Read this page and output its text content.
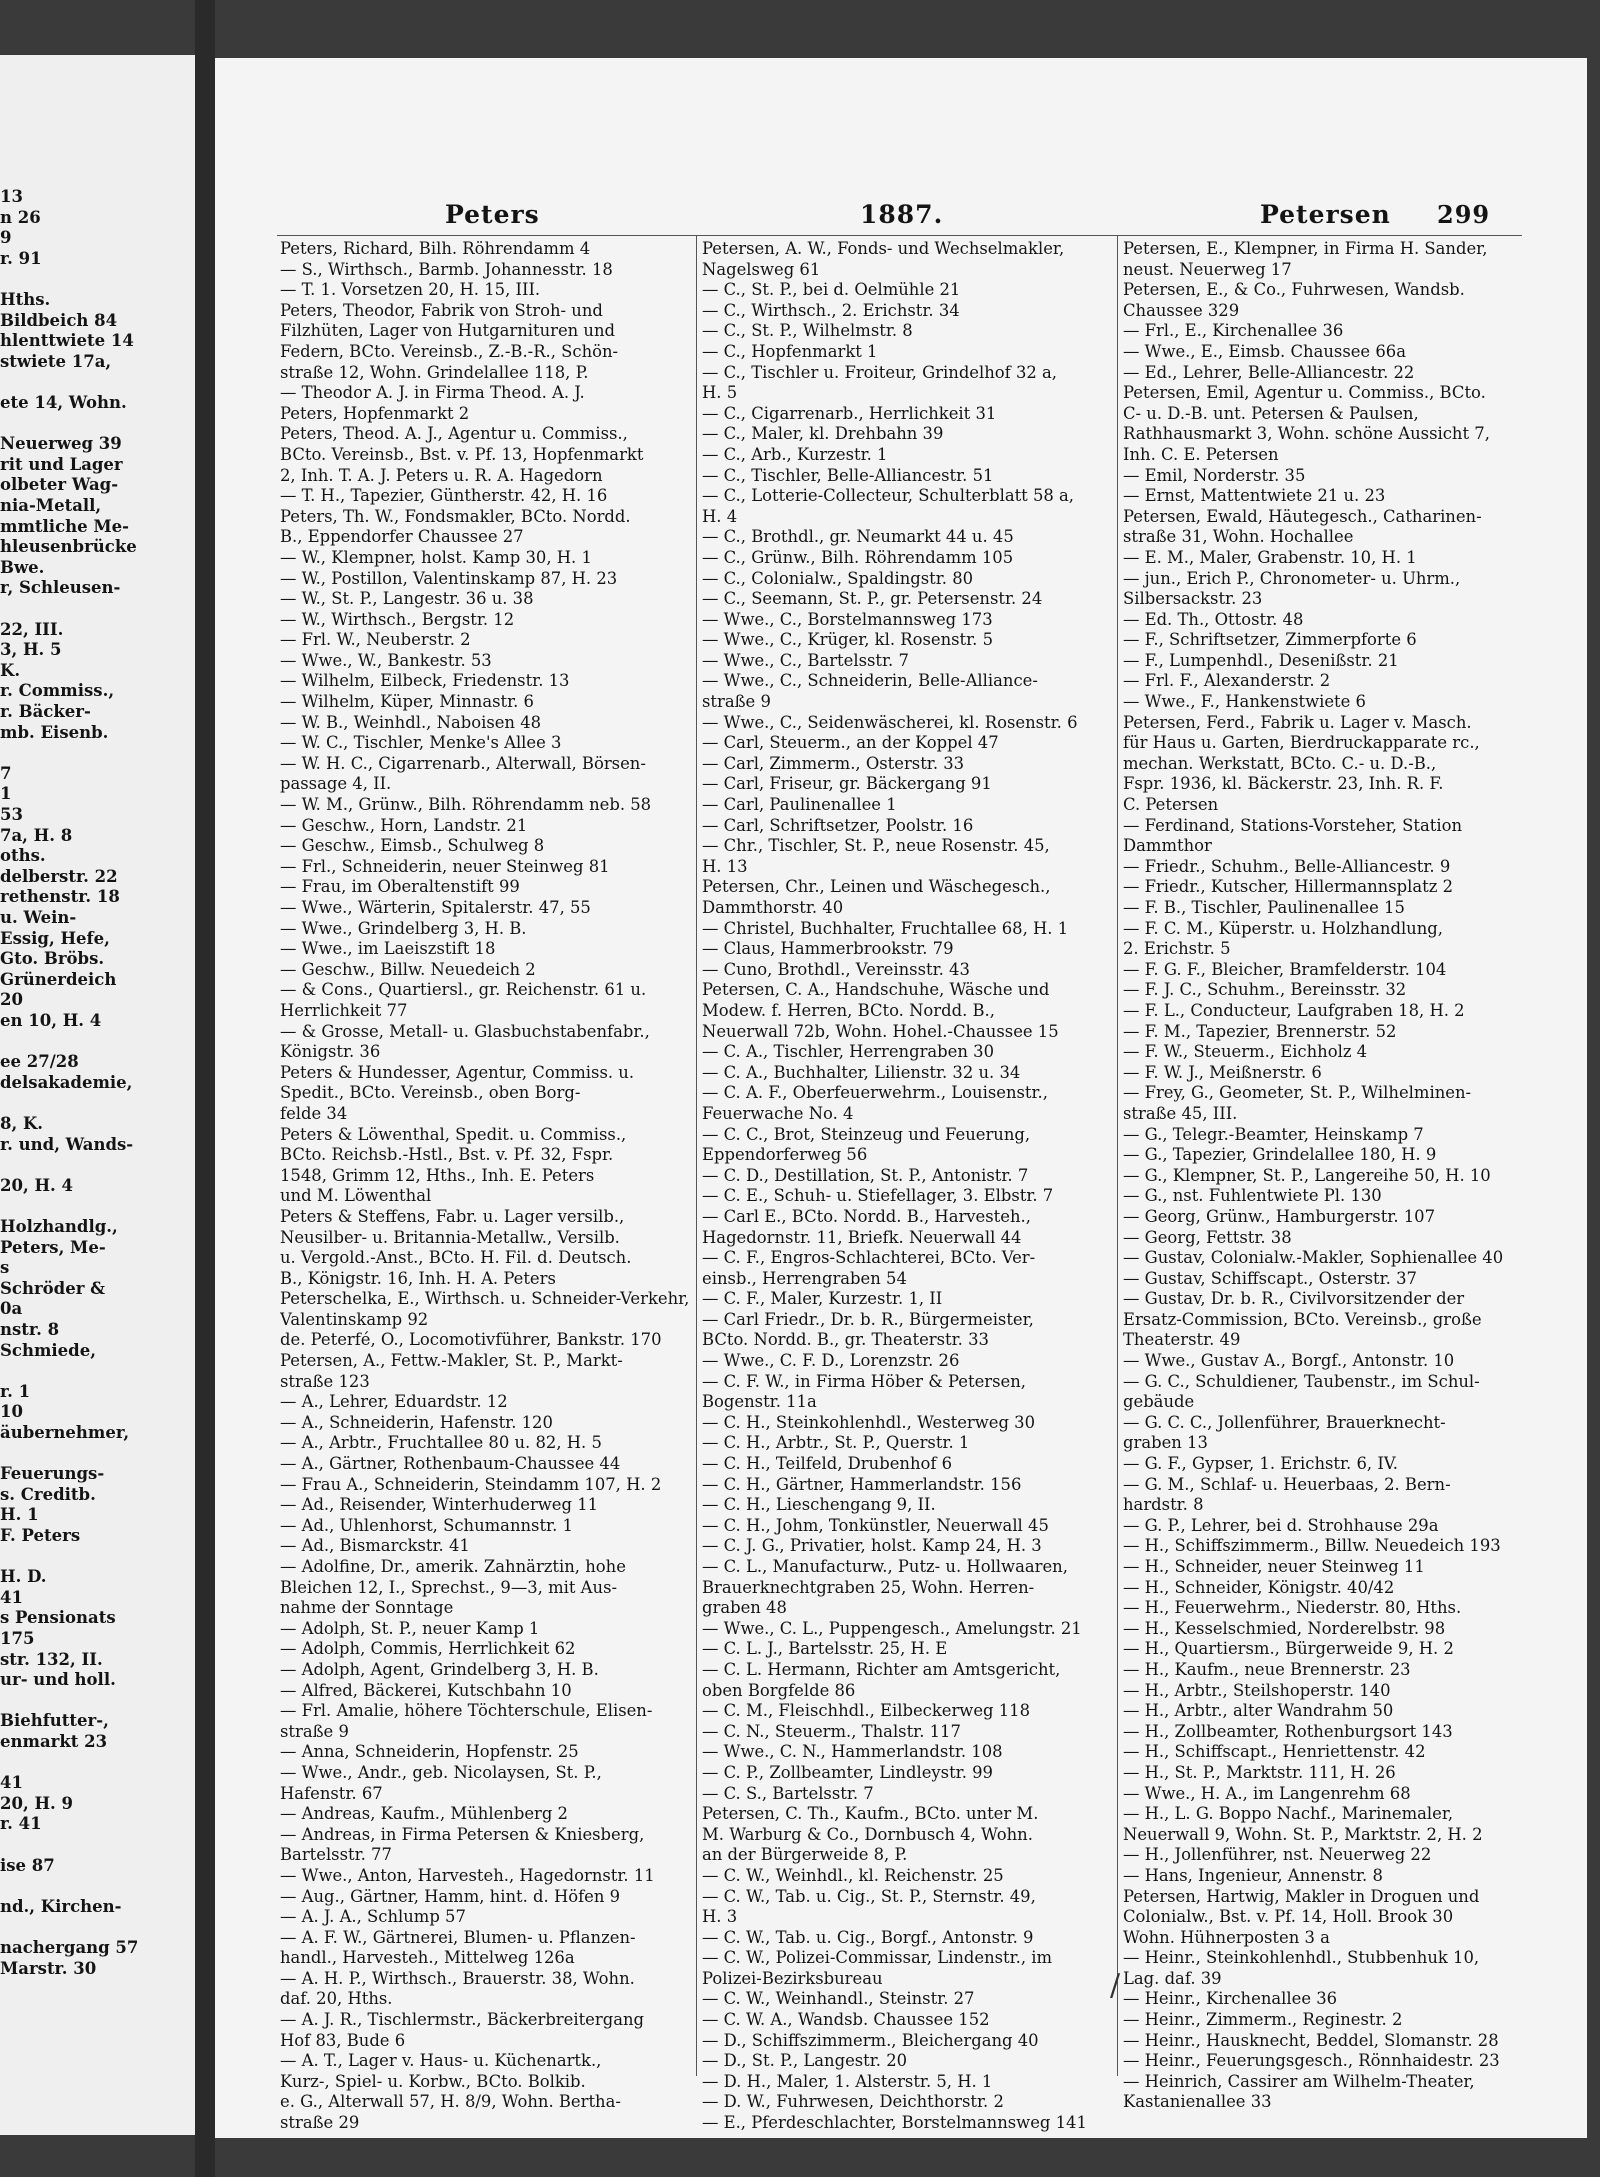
13
n 26
9
r. 91
Hths.
Bildbeich 84
hlenttwiete 14
stwiete 17a,
ete 14, Wohn.
Neuerweg 39
rit und Lager
olbeter Wag-
nia-Metall,
mmtliche Me-
hleusenbrücke
Bwe.
r, Schleusen-
22, III.
3, H. 5
K.
r. Commiss.,
r. Bäcker-
mb. Eisenb.
7
1
53
7a, H. 8
oths.
delberstr. 22
rethenstr. 18
u. Wein-
Essig, Hefe,
Gto. Bröbs.
Grünerdeich
20
en 10, H. 4
ee 27/28
delsakademie,
8, K.
r. und, Wands-
20, H. 4
Holzhandlg.,
Peters, Me-
s
Schröder &
0a
nstr. 8
Schmiede,
r. 1
10
äubernehmer,
Feuerungs-
s. Creditb.
H. 1
F. Peters
H. D.
41
s Pensionats
175
str. 132, II.
ur- und holl.
Biehfutter-,
enmarkt 23
41
20, H. 9
r. 41
ise 87
nd., Kirchen-
nachergang 57
Marstr. 30
Peters	1887.	Petersen 299
Peters, Richard, Bilh. Röhrendamm 4
— S., Wirthsch., Barmb. Johannesstr. 18
— T. 1. Vorsetzen 20, H. 15, III.
Peters, Theodor, Fabrik von Stroh- und
Filzhüten, Lager von Hutgarnituren und
Federn, BCto. Vereinsb., Z.-B.-R., Schön-
straße 12, Wohn. Grindelallee 118, P.
— Theodor A. J. in Firma Theod. A. J.
Peters, Hopfenmarkt 2
Peters, Theod. A. J., Agentur u. Commiss.,
BCto. Vereinsb., Bst. v. Pf. 13, Hopfenmarkt
2, Inh. T. A. J. Peters u. R. A. Hagedorn
— T. H., Tapezier, Güntherstr. 42, H. 16
Peters, Th. W., Fondsmakler, BCto. Nordd.
B., Eppendorfer Chaussee 27
— W., Klempner, holst. Kamp 30, H. 1
— W., Postillon, Valentinskamp 87, H. 23
— W., St. P., Langestr. 36 u. 38
— W., Wirthsch., Bergstr. 12
— Frl. W., Neuberstr. 2
— Wwe., W., Bankestr. 53
— Wilhelm, Eilbeck, Friedenstr. 13
— Wilhelm, Küper, Minnastr. 6
— W. B., Weinhdl., Naboisen 48
— W. C., Tischler, Menke's Allee 3
— W. H. C., Cigarrenarb., Alterwall, Börsen-
passage 4, II.
— W. M., Grünw., Bilh. Röhrendamm neb. 58
— Geschw., Horn, Landstr. 21
— Geschw., Eimsb., Schulweg 8
— Frl., Schneiderin, neuer Steinweg 81
— Frau, im Oberaltenstift 99
— Wwe., Wärterin, Spitalerstr. 47, 55
— Wwe., Grindelberg 3, H. B.
— Wwe., im Laeiszstift 18
— Geschw., Billw. Neuedeich 2
— & Cons., Quartiersl., gr. Reichenstr. 61 u.
Herrlichkeit 77
— & Grosse, Metall- u. Glasbuchstabenfabr.,
Königstr. 36
Peters & Hundesser, Agentur, Commiss. u.
Spedit., BCto. Vereinsb., oben Borg-
felde 34
Peters & Löwenthal, Spedit. u. Commiss.,
BCto. Reichsb.-Hstl., Bst. v. Pf. 32, Fspr.
1548, Grimm 12, Hths., Inh. E. Peters
und M. Löwenthal
Peters & Steffens, Fabr. u. Lager versilb.,
Neusilber- u. Britannia-Metallw., Versilb.
u. Vergold.-Anst., BCto. H. Fil. d. Deutsch.
B., Königstr. 16, Inh. H. A. Peters
Peterschelka, E., Wirthsch. u. Schneider-Verkehr,
Valentinskamp 92
de. Peterfé, O., Locomotivführer, Bankstr. 170
Petersen, A., Fettw.-Makler, St. P., Markt-
straße 123
— A., Lehrer, Eduardstr. 12
— A., Schneiderin, Hafenstr. 120
— A., Arbtr., Fruchtallee 80 u. 82, H. 5
— A., Gärtner, Rothenbaum-Chaussee 44
— Frau A., Schneiderin, Steindamm 107, H. 2
— Ad., Reisender, Winterhuderweg 11
— Ad., Uhlenhorst, Schumannstr. 1
— Ad., Bismarckstr. 41
— Adolfine, Dr., amerik. Zahnärztin, hohe
Bleichen 12, I., Sprechst., 9—3, mit Aus-
nahme der Sonntage
— Adolph, St. P., neuer Kamp 1
— Adolph, Commis, Herrlichkeit 62
— Adolph, Agent, Grindelberg 3, H. B.
— Alfred, Bäckerei, Kutschbahn 10
— Frl. Amalie, höhere Töchterschule, Elisen-
straße 9
— Anna, Schneiderin, Hopfenstr. 25
— Wwe., Andr., geb. Nicolaysen, St. P.,
Hafenstr. 67
— Andreas, Kaufm., Mühlenberg 2
— Andreas, in Firma Petersen & Kniesberg,
Bartelsstr. 77
— Wwe., Anton, Harvesteh., Hagedornstr. 11
— Aug., Gärtner, Hamm, hint. d. Höfen 9
— A. J. A., Schlump 57
— A. F. W., Gärtnerei, Blumen- u. Pflanzen-
handl., Harvesteh., Mittelweg 126a
— A. H. P., Wirthsch., Brauerstr. 38, Wohn.
daf. 20, Hths.
— A. J. R., Tischlermstr., Bäckerbreitergang
Hof 83, Bude 6
— A. T., Lager v. Haus- u. Küchenartk.,
Kurz-, Spiel- u. Korbw., BCto. Bolkib.
e. G., Alterwall 57, H. 8/9, Wohn. Bertha-
straße 29
Petersen, A. W., Fonds- und Wechselmakler,
Nagelsweg 61
— C., St. P., bei d. Oelmühle 21
— C., Wirthsch., 2. Erichstr. 34
— C., St. P., Wilhelmstr. 8
— C., Hopfenmarkt 1
— C., Tischler u. Froiteur, Grindelhof 32 a,
H. 5
— C., Cigarrenarb., Herrlichkeit 31
— C., Maler, kl. Drehbahn 39
— C., Arb., Kurzestr. 1
— C., Tischler, Belle-Alliancestr. 51
— C., Lotterie-Collecteur, Schulterblatt 58 a,
H. 4
— C., Brothdl., gr. Neumarkt 44 u. 45
— C., Grünw., Bilh. Röhrendamm 105
— C., Colonialw., Spaldingstr. 80
— C., Seemann, St. P., gr. Petersenstr. 24
— Wwe., C., Borstelmannsweg 173
— Wwe., C., Krüger, kl. Rosenstr. 5
— Wwe., C., Bartelsstr. 7
— Wwe., C., Schneiderin, Belle-Alliance-
straße 9
— Wwe., C., Seidenwäscherei, kl. Rosenstr. 6
— Carl, Steuerm., an der Koppel 47
— Carl, Zimmerm., Osterstr. 33
— Carl, Friseur, gr. Bäckergang 91
— Carl, Paulinenallee 1
— Carl, Schriftsetzer, Poolstr. 16
— Chr., Tischler, St. P., neue Rosenstr. 45,
H. 13
Petersen, Chr., Leinen und Wäschegesch.,
Dammthorstr. 40
— Christel, Buchhalter, Fruchtallee 68, H. 1
— Claus, Hammerbrookstr. 79
— Cuno, Brothdl., Vereinsstr. 43
Petersen, C. A., Handschuhe, Wäsche und
Modew. f. Herren, BCto. Nordd. B.,
Neuerwall 72b, Wohn. Hohel.-Chaussee 15
— C. A., Tischler, Herrengraben 30
— C. A., Buchhalter, Lilienstr. 32 u. 34
— C. A. F., Oberfeuerwehrm., Louisenstr.,
Feuerwache No. 4
— C. C., Brot, Steinzeug und Feuerung,
Eppendorferweg 56
— C. D., Destillation, St. P., Antonistr. 7
— C. E., Schuh- u. Stiefellager, 3. Elbstr. 7
— Carl E., BCto. Nordd. B., Harvesteh.,
Hagedornstr. 11, Briefk. Neuerwall 44
— C. F., Engros-Schlachterei, BCto. Ver-
einsb., Herrengraben 54
— C. F., Maler, Kurzestr. 1, II
— Carl Friedr., Dr. b. R., Bürgermeister,
BCto. Nordd. B., gr. Theaterstr. 33
— Wwe., C. F. D., Lorenzstr. 26
— C. F. W., in Firma Höber & Petersen,
Bogenstr. 11a
— C. H., Steinkohlenhdl., Westerweg 30
— C. H., Arbtr., St. P., Querstr. 1
— C. H., Teilfeld, Drubenhof 6
— C. H., Gärtner, Hammerlandstr. 156
— C. H., Lieschengang 9, II.
— C. H., Johm, Tonkünstler, Neuerwall 45
— C. J. G., Privatier, holst. Kamp 24, H. 3
— C. L., Manufacturw., Putz- u. Hollwaaren,
Brauerknechtgraben 25, Wohn. Herren-
graben 48
— Wwe., C. L., Puppengesch., Amelungstr. 21
— C. L. J., Bartelsstr. 25, H. E
— C. L. Hermann, Richter am Amtsgericht,
oben Borgfelde 86
— C. M., Fleischhdl., Eilbeckerweg 118
— C. N., Steuerm., Thalstr. 117
— Wwe., C. N., Hammerlandstr. 108
— C. P., Zollbeamter, Lindleystr. 99
— C. S., Bartelsstr. 7
Petersen, C. Th., Kaufm., BCto. unter M.
M. Warburg & Co., Dornbusch 4, Wohn.
an der Bürgerweide 8, P.
— C. W., Weinhdl., kl. Reichenstr. 25
— C. W., Tab. u. Cig., St. P., Sternstr. 49,
H. 3
— C. W., Tab. u. Cig., Borgf., Antonstr. 9
— C. W., Polizei-Commissar, Lindenstr., im
Polizei-Bezirksbureau
— C. W., Weinhandl., Steinstr. 27
— C. W. A., Wandsb. Chaussee 152
— D., Schiffszimmerm., Bleichergang 40
— D., St. P., Langestr. 20
— D. H., Maler, 1. Alsterstr. 5, H. 1
— D. W., Fuhrwesen, Deichthorstr. 2
— E., Pferdeschlachter, Borstelmannsweg 141
Petersen, E., Klempner, in Firma H. Sander,
neust. Neuerweg 17
Petersen, E., & Co., Fuhrwesen, Wandsb.
Chaussee 329
— Frl., E., Kirchenallee 36
— Wwe., E., Eimsb. Chaussee 66a
— Ed., Lehrer, Belle-Alliancestr. 22
Petersen, Emil, Agentur u. Commiss., BCto.
C- u. D.-B. unt. Petersen & Paulsen,
Rathhausmarkt 3, Wohn. schöne Aussicht 7,
Inh. C. E. Petersen
— Emil, Norderstr. 35
— Ernst, Mattentwiete 21 u. 23
Petersen, Ewald, Häutegesch., Catharinen-
straße 31, Wohn. Hochallee
— E. M., Maler, Grabenstr. 10, H. 1
— jun., Erich P., Chronometer- u. Uhrm.,
Silbersackstr. 23
— Ed. Th., Ottostr. 48
— F., Schriftsetzer, Zimmerpforte 6
— F., Lumpenhdl., Desenißstr. 21
— Frl. F., Alexanderstr. 2
— Wwe., F., Hankenstwiete 6
Petersen, Ferd., Fabrik u. Lager v. Masch.
für Haus u. Garten, Bierdruckapparate rc.,
mechan. Werkstatt, BCto. C.- u. D.-B.,
Fspr. 1936, kl. Bäckerstr. 23, Inh. R. F.
C. Petersen
— Ferdinand, Stations-Vorsteher, Station
Dammthor
— Friedr., Schuhm., Belle-Alliancestr. 9
— Friedr., Kutscher, Hillermannsplatz 2
— F. B., Tischler, Paulinenallee 15
— F. C. M., Küperstr. u. Holzhandlung,
2. Erichstr. 5
— F. G. F., Bleicher, Bramfelderstr. 104
— F. J. C., Schuhm., Bereinsstr. 32
— F. L., Conducteur, Laufgraben 18, H. 2
— F. M., Tapezier, Brennerstr. 52
— F. W., Steuerm., Eichholz 4
— F. W. J., Meißnerstr. 6
— Frey, G., Geometer, St. P., Wilhelminen-
straße 45, III.
— G., Telegr.-Beamter, Heinskamp 7
— G., Tapezier, Grindelallee 180, H. 9
— G., Klempner, St. P., Langereihe 50, H. 10
— G., nst. Fuhlentwiete Pl. 130
— Georg, Grünw., Hamburgerstr. 107
— Georg, Fettstr. 38
— Gustav, Colonialw.-Makler, Sophienallee 40
— Gustav, Schiffscapt., Osterstr. 37
— Gustav, Dr. b. R., Civilvorsitzender der
Ersatz-Commission, BCto. Vereinsb., große
Theaterstr. 49
— Wwe., Gustav A., Borgf., Antonstr. 10
— G. C., Schuldiener, Taubenstr., im Schul-
gebäude
— G. C. C., Jollenführer, Brauerknecht-
graben 13
— G. F., Gypser, 1. Erichstr. 6, IV.
— G. M., Schlaf- u. Heuerbaas, 2. Bern-
hardstr. 8
— G. P., Lehrer, bei d. Strohhause 29a
— H., Schiffszimmerm., Billw. Neuedeich 193
— H., Schneider, neuer Steinweg 11
— H., Schneider, Königstr. 40/42
— H., Feuerwehrm., Niederstr. 80, Hths.
— H., Kesselschmied, Norderelbstr. 98
— H., Quartiersm., Bürgerweide 9, H. 2
— H., Kaufm., neue Brennerstr. 23
— H., Arbtr., Steilshoperstr. 140
— H., Arbtr., alter Wandrahm 50
— H., Zollbeamter, Rothenburgsort 143
— H., Schiffscapt., Henriettenstr. 42
— H., St. P., Marktstr. 111, H. 26
— Wwe., H. A., im Langenrehm 68
— H., L. G. Boppo Nachf., Marinemaler,
Neuerwall 9, Wohn. St. P., Marktstr. 2, H. 2
— H., Jollenführer, nst. Neuerweg 22
— Hans, Ingenieur, Annenstr. 8
Petersen, Hartwig, Makler in Droguen und
Colonialw., Bst. v. Pf. 14, Holl. Brook 30
Wohn. Hühnerposten 3 a
— Heinr., Steinkohlenhdl., Stubbenhuk 10,
Lag. daf. 39
— Heinr., Kirchenallee 36
— Heinr., Zimmerm., Reginestr. 2
— Heinr., Hausknecht, Beddel, Slomanstr. 28
— Heinr., Feuerungsgesch., Rönnhaidestr. 23
— Heinrich, Cassirer am Wilhelm-Theater,
Kastanienallee 33
/
